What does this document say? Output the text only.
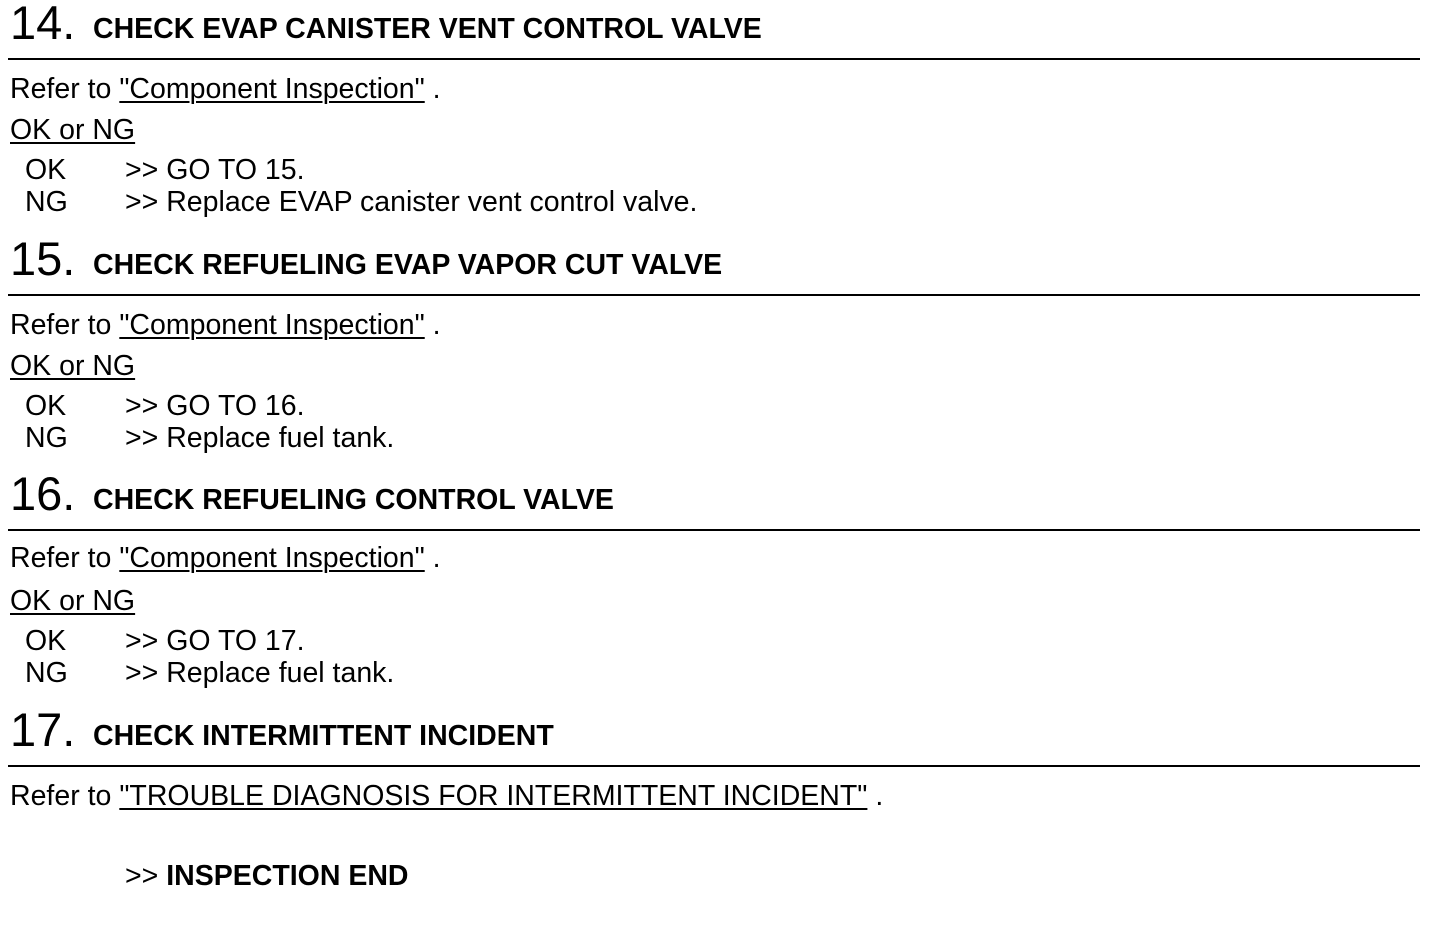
14. CHECK EVAP CANISTER VENT CONTROL VALVE
Refer to "Component Inspection" .
OK or NG
OK >> GO TO 15.
NG >> Replace EVAP canister vent control valve.
15. CHECK REFUELING EVAP VAPOR CUT VALVE
Refer to "Component Inspection" .
OK or NG
OK >> GO TO 16.
NG >> Replace fuel tank.
16. CHECK REFUELING CONTROL VALVE
Refer to "Component Inspection" .
OK or NG
OK >> GO TO 17.
NG >> Replace fuel tank.
17. CHECK INTERMITTENT INCIDENT
Refer to "TROUBLE DIAGNOSIS FOR INTERMITTENT INCIDENT" .
>> INSPECTION END
